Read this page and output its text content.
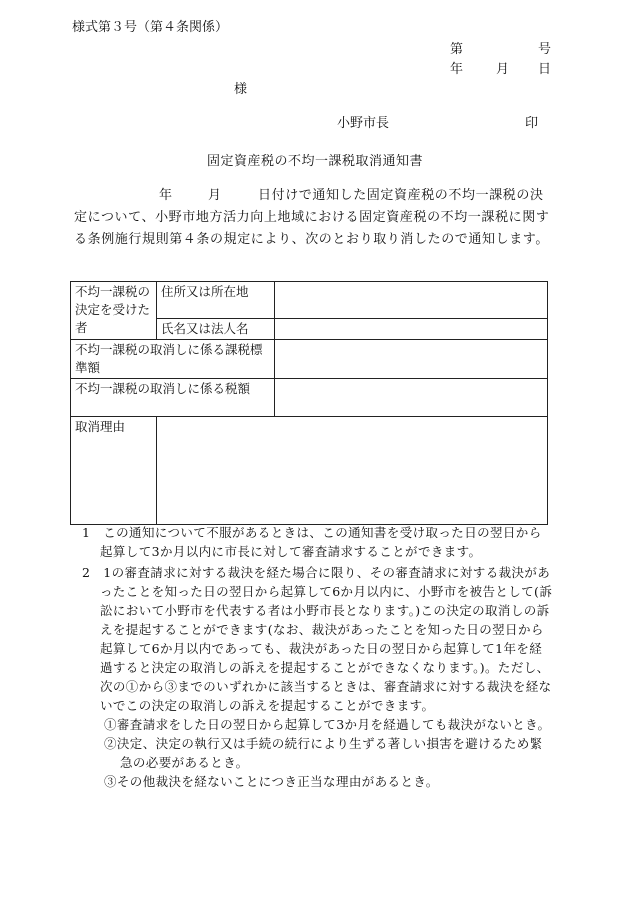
様式第３号（第４条関係）
第	号
年	月 日
様
小野市長	印
固定資産税の不均一課税取消通知書
年	月	日付けで通知した固定資産税の不均一課税の決定について、小野市地方活力向上地域における固定資産税の不均一課税に関する条例施行規則第４条の規定により、次のとおり取り消したので通知します。
不均一課税の決定を受けた者	住所又は所在地	
	氏名又は法人名	
不均一課税の取消しに係る課税標準額		
不均一課税の取消しに係る税額		
取消理由		

1　この通知について不服があるときは、この通知書を受け取った日の翌日から起算して3か月以内に市長に対して審査請求することができます。

2　1の審査請求に対する裁決を経た場合に限り、その審査請求に対する裁決があったことを知った日の翌日から起算して6か月以内に、小野市を被告として(訴訟において小野市を代表する者は小野市長となります。)この決定の取消しの訴えを提起することができます(なお、裁決があったことを知った日の翌日から起算して6か月以内であっても、裁決があった日の翌日から起算して1年を経過すると決定の取消しの訴えを提起することができなくなります。)。ただし、次の①から③までのいずれかに該当するときは、審査請求に対する裁決を経ないでこの決定の取消しの訴えを提起することができます。

①審査請求をした日の翌日から起算して3か月を経過しても裁決がないとき。

②決定、決定の執行又は手続の続行により生ずる著しい損害を避けるため緊急の必要があるとき。

③その他裁決を経ないことにつき正当な理由があるとき。
